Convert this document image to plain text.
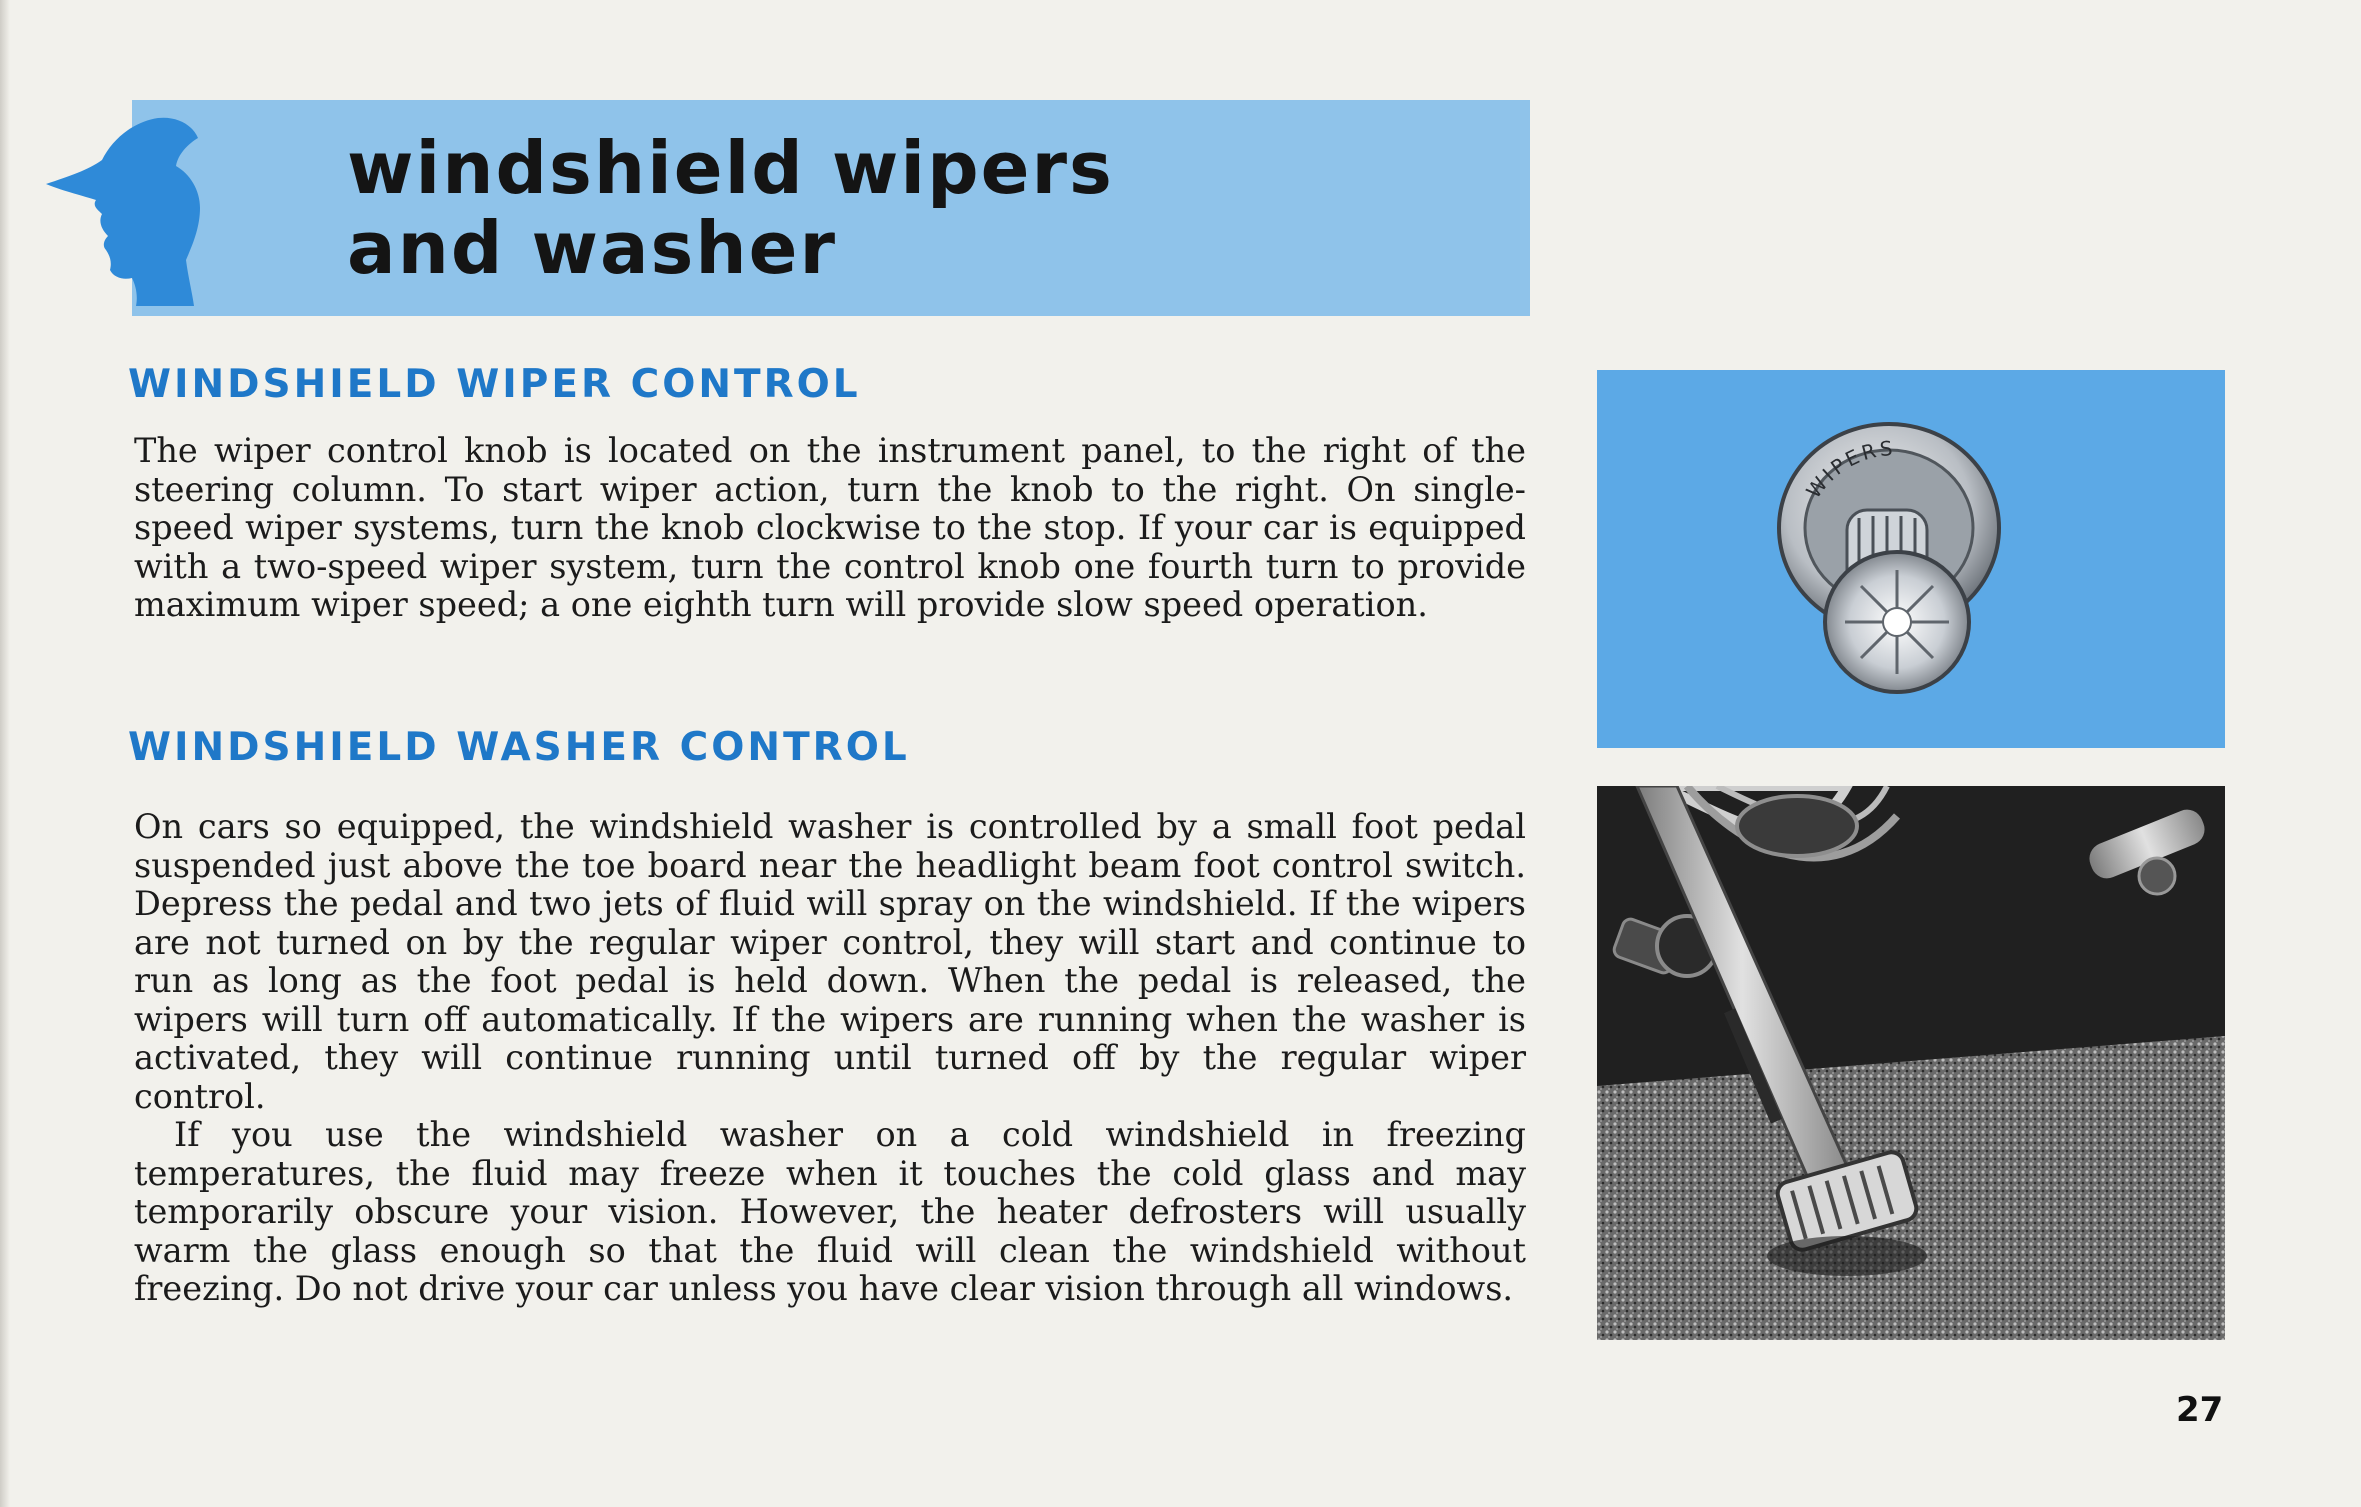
windshield wipers
and washer
WINDSHIELD WIPER CONTROL

The wiper control knob is located on the instrument panel, to the right of the steering column. To start wiper action, turn the knob to the right. On single-speed wiper systems, turn the knob clockwise to the stop. If your car is equipped with a two-speed wiper system, turn the control knob one fourth turn to provide maximum wiper speed; a one eighth turn will provide slow speed operation.

WINDSHIELD WASHER CONTROL

On cars so equipped, the windshield washer is controlled by a small foot pedal suspended just above the toe board near the headlight beam foot control switch. Depress the pedal and two jets of fluid will spray on the windshield. If the wipers are not turned on by the regular wiper control, they will start and continue to run as long as the foot pedal is held down. When the pedal is released, the wipers will turn off automatically. If the wipers are running when the washer is activated, they will continue running until turned off by the regular wiper control.

If you use the windshield washer on a cold windshield in freezing temperatures, the fluid may freeze when it touches the cold glass and may temporarily obscure your vision. However, the heater defrosters will usually warm the glass enough so that the fluid will clean the windshield without freezing. Do not drive your car unless you have clear vision through all windows.

WIPERS

27
